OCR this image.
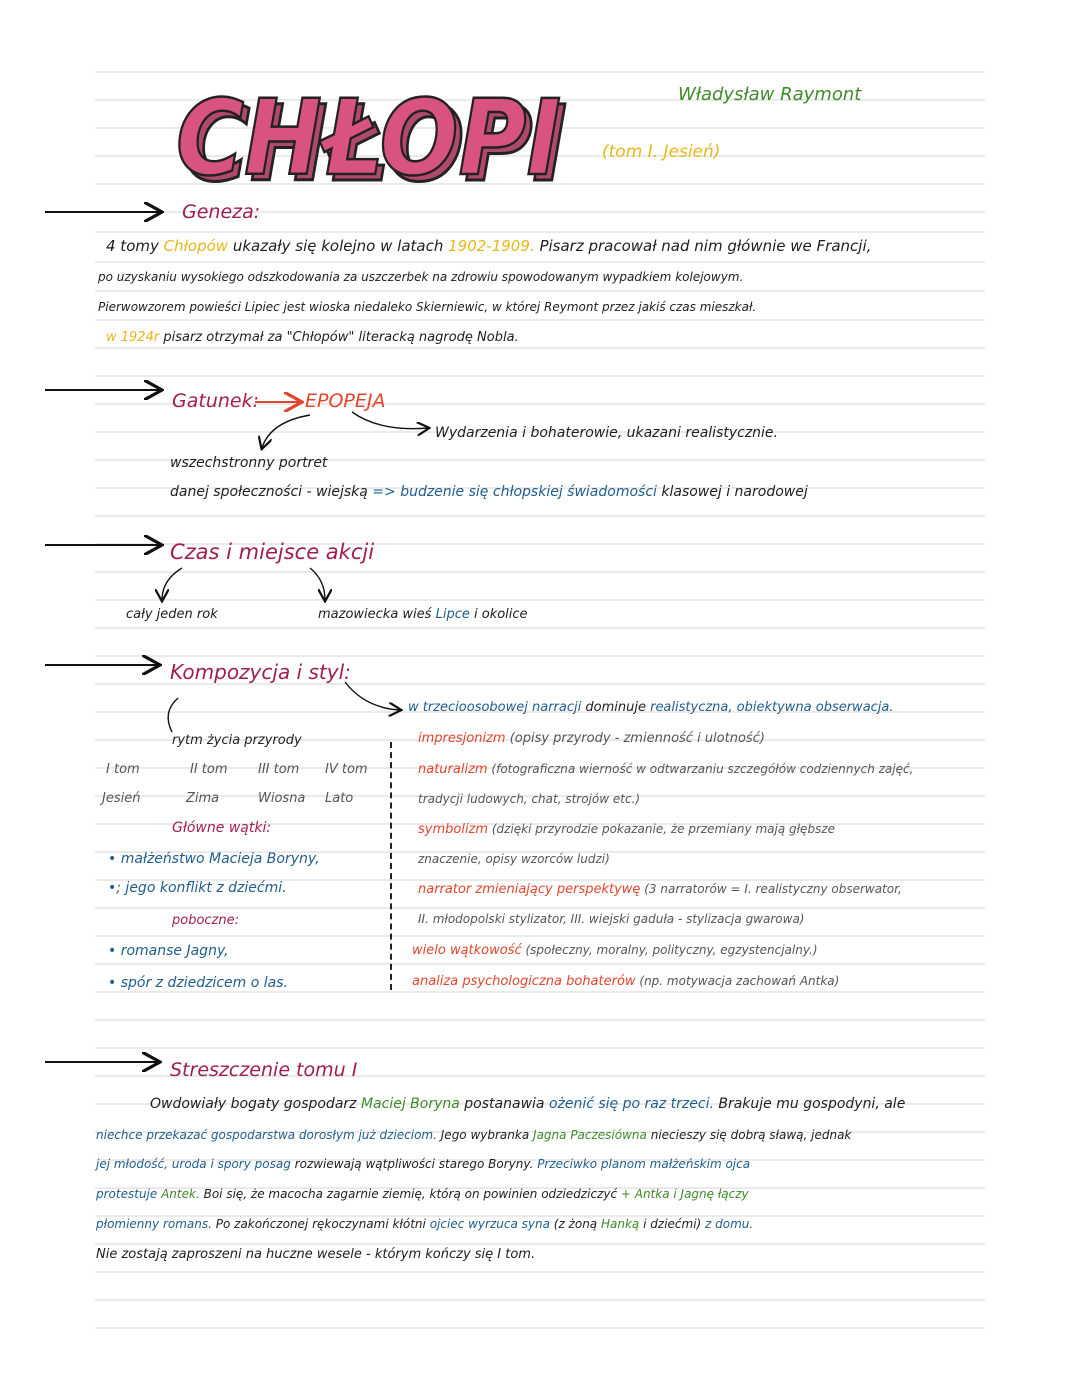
CHŁOPI
CHŁOPI	Władysław Raymont
(tom I. Jesień)
Geneza:
4 tomy Chłopów ukazały się kolejno w latach 1902-1909. Pisarz pracował nad nim głównie we Francji,
po uzyskaniu wysokiego odszkodowania za uszczerbek na zdrowiu spowodowanym wypadkiem kolejowym.
Pierwowzorem powieści Lipiec jest wioska niedaleko Skierniewic, w której Reymont przez jakiś czas mieszkał.
w 1924r pisarz otrzymał za "Chłopów" literacką nagrodę Nobla.
Gatunek: EPOPEJA
Wydarzenia i bohaterowie, ukazani realistycznie.
wszechstronny portret
danej społeczności - wiejską => budzenie się chłopskiej świadomości klasowej i narodowej
Czas i miejsce akcji
cały jeden rok	mazowiecka wieś Lipce i okolice
Kompozycja i styl:
w trzecioosobowej narracji dominuje realistyczna, obiektywna obserwacja.
rytm życia przyrody
I tom	II tom III tom IV tom
Jesień	Zima	Wiosna Lato
Główne wątki:
• małżeństwo Macieja Boryny,
•; jego konflikt z dziećmi.
poboczne:
• romanse Jagny,
• spór z dziedzicem o las.
impresjonizm (opisy przyrody - zmienność i ulotność)
naturalizm (fotograficzna wierność w odtwarzaniu szczegółów codziennych zajęć,
tradycji ludowych, chat, strojów etc.)
symbolizm (dzięki przyrodzie pokazanie, że przemiany mają głębsze
znaczenie, opisy wzorców ludzi)
narrator zmieniający perspektywę (3 narratorów = I. realistyczny obserwator,
II. młodopolski stylizator, III. wiejski gaduła - stylizacja gwarowa)
wielo wątkowość (społeczny, moralny, polityczny, egzystencjalny.)
analiza psychologiczna bohaterów (np. motywacja zachowań Antka)
Streszczenie tomu I
Owdowiały bogaty gospodarz Maciej Boryna postanawia ożenić się po raz trzeci. Brakuje mu gospodyni, ale
niechce przekazać gospodarstwa dorosłym już dzieciom. Jego wybranka Jagna Paczesiówna niecieszy się dobrą sławą, jednak
jej młodość, uroda i spory posag rozwiewają wątpliwości starego Boryny. Przeciwko planom małżeńskim ojca
protestuje Antek. Boi się, że macocha zagarnie ziemię, którą on powinien odziedziczyć + Antka i Jagnę łączy
płomienny romans. Po zakończonej rękoczynami kłótni ojciec wyrzuca syna (z żoną Hanką i dziećmi) z domu.
Nie zostają zaproszeni na huczne wesele - którym kończy się I tom.
